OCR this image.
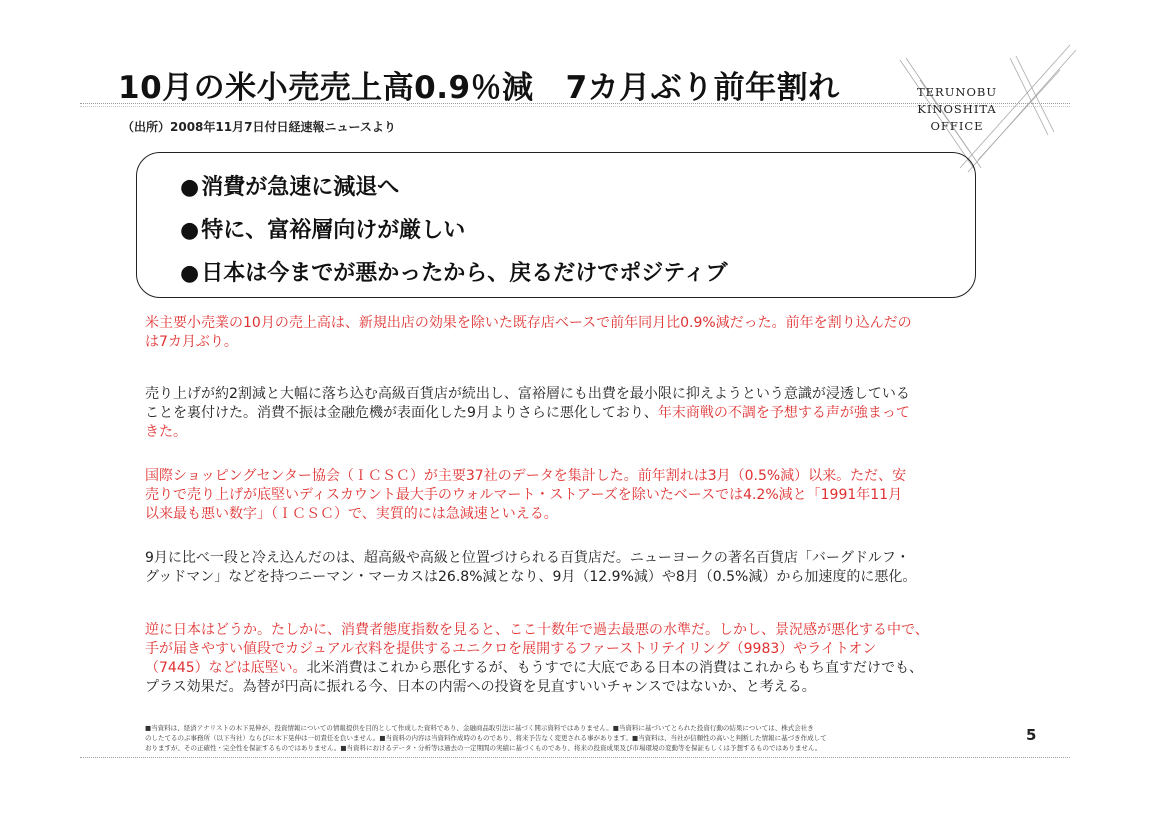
10月の米小売売上高0.9％減 7カ月ぶり前年割れ
（出所）2008年11月7日付日経速報ニュースより
TERUNOBU
KINOSHITA
OFFICE
●消費が急速に減退へ
●特に、富裕層向けが厳しい
●日本は今までが悪かったから、戻るだけでポジティブ
米主要小売業の10月の売上高は、新規出店の効果を除いた既存店ベースで前年同月比0.9%減だった。前年を割り込んだの
は7カ月ぶり。
売り上げが約2割減と大幅に落ち込む高級百貨店が続出し、富裕層にも出費を最小限に抑えようという意識が浸透している
ことを裏付けた。消費不振は金融危機が表面化した9月よりさらに悪化しており、年末商戦の不調を予想する声が強まって
きた。
国際ショッピングセンター協会（ＩＣＳＣ）が主要37社のデータを集計した。前年割れは3月（0.5%減）以来。ただ、安
売りで売り上げが底堅いディスカウント最大手のウォルマート・ストアーズを除いたベースでは4.2%減と「1991年11月
以来最も悪い数字」（ＩＣＳＣ）で、実質的には急減速といえる。
9月に比べ一段と冷え込んだのは、超高級や高級と位置づけられる百貨店だ。ニューヨークの著名百貨店「バーグドルフ・
グッドマン」などを持つニーマン・マーカスは26.8%減となり、9月（12.9%減）や8月（0.5%減）から加速度的に悪化。
逆に日本はどうか。たしかに、消費者態度指数を見ると、ここ十数年で過去最悪の水準だ。しかし、景況感が悪化する中で、
手が届きやすい値段でカジュアル衣料を提供するユニクロを展開するファーストリテイリング（9983）やライトオン
（7445）などは底堅い。北米消費はこれから悪化するが、もうすでに大底である日本の消費はこれからもち直すだけでも、
プラス効果だ。為替が円高に振れる今、日本の内需への投資を見直すいいチャンスではないか、と考える。
■当資料は、経済アナリストの木下晃伸が、投資情報についての情報提供を目的として作成した資料であり、金融商品取引法に基づく開示資料ではありません。■当資料に基づいてとられた投資行動の結果については、株式会社き
のしたてるのぶ事務所（以下当社）ならびに木下晃伸は一切責任を負いません。■当資料の内容は当資料作成時のものであり、将来予告なく変更される事があります。■当資料は、当社が信頼性の高いと判断した情報に基づき作成して
おりますが、その正確性・完全性を保証するものではありません。■当資料におけるデータ・分析等は過去の一定期間の実績に基づくものであり、将来の投資成果及び市場環境の変動等を保証もしくは予想するものではありません。
5
